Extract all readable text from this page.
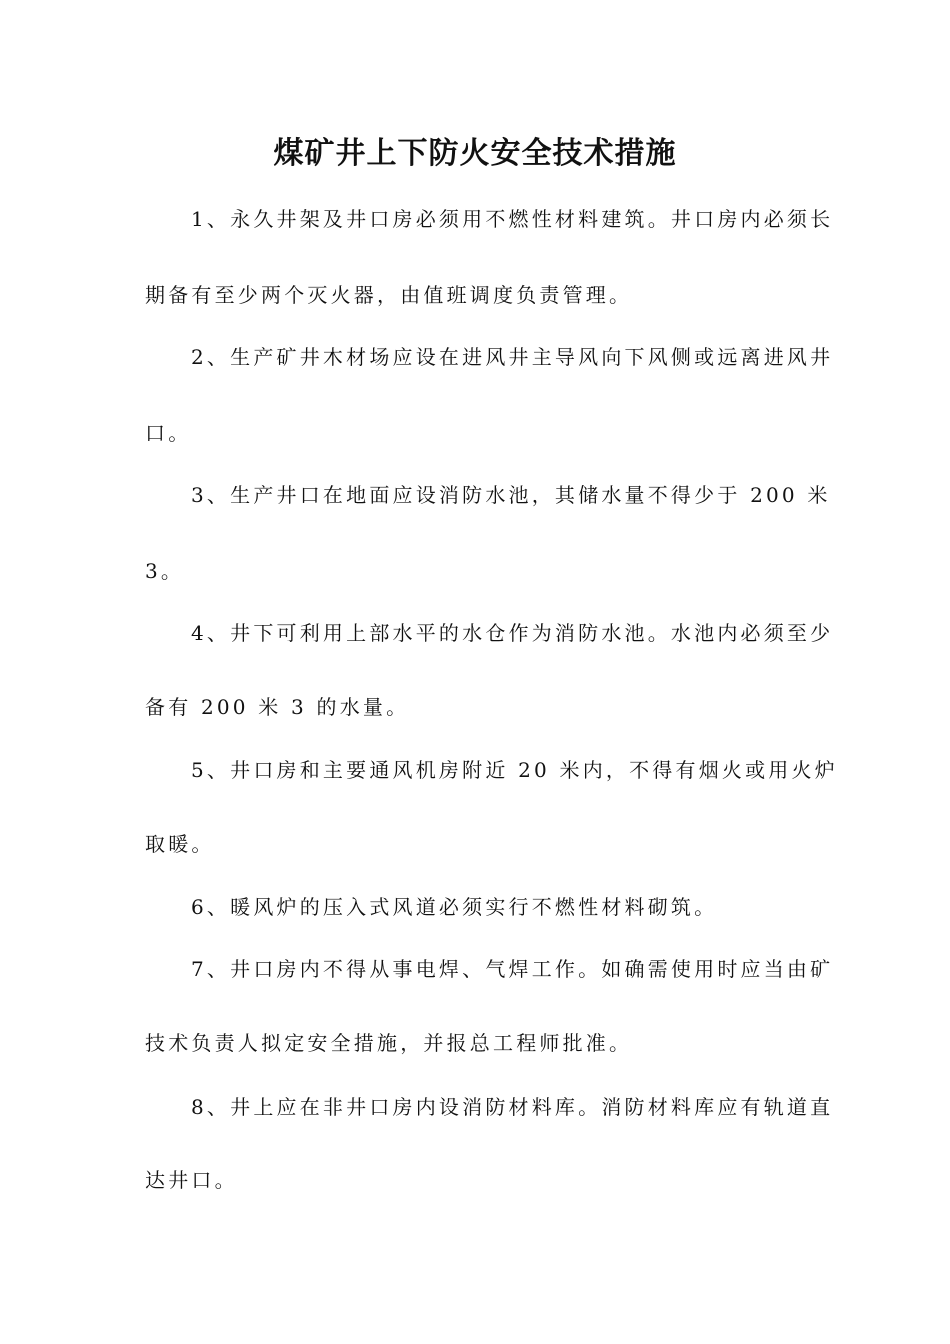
煤矿井上下防火安全技术措施
1、永久井架及井口房必须用不燃性材料建筑。井口房内必须长
期备有至少两个灭火器，由值班调度负责管理。
2、生产矿井木材场应设在进风井主导风向下风侧或远离进风井
口。
3、生产井口在地面应设消防水池，其储水量不得少于 200 米
3。
4、井下可利用上部水平的水仓作为消防水池。水池内必须至少
备有 200 米 3 的水量。
5、井口房和主要通风机房附近 20 米内，不得有烟火或用火炉
取暖。
6、暖风炉的压入式风道必须实行不燃性材料砌筑。
7、井口房内不得从事电焊、气焊工作。如确需使用时应当由矿
技术负责人拟定安全措施，并报总工程师批准。
8、井上应在非井口房内设消防材料库。消防材料库应有轨道直
达井口。
